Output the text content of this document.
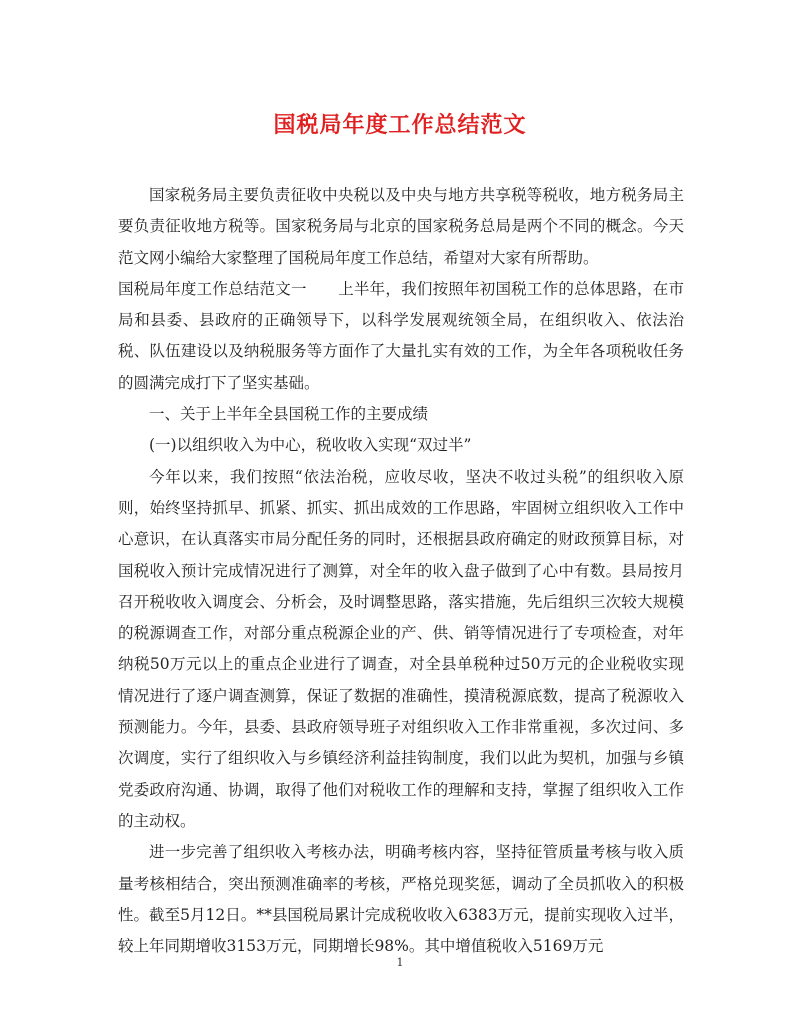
国税局年度工作总结范文

国家税务局主要负责征收中央税以及中央与地方共享税等税收，地方税务局主要负责征收地方税等。国家税务局与北京的国家税务总局是两个不同的概念。今天范文网小编给大家整理了国税局年度工作总结，希望对大家有所帮助。

国税局年度工作总结范文一　　上半年，我们按照年初国税工作的总体思路，在市局和县委、县政府的正确领导下，以科学发展观统领全局，在组织收入、依法治税、队伍建设以及纳税服务等方面作了大量扎实有效的工作，为全年各项税收任务的圆满完成打下了坚实基础。

一、关于上半年全县国税工作的主要成绩

(一)以组织收入为中心，税收收入实现“双过半”

今年以来，我们按照“依法治税，应收尽收，坚决不收过头税”的组织收入原则，始终坚持抓早、抓紧、抓实、抓出成效的工作思路，牢固树立组织收入工作中心意识，在认真落实市局分配任务的同时，还根据县政府确定的财政预算目标，对国税收入预计完成情况进行了测算，对全年的收入盘子做到了心中有数。县局按月召开税收收入调度会、分析会，及时调整思路，落实措施，先后组织三次较大规模的税源调查工作，对部分重点税源企业的产、供、销等情况进行了专项检查，对年纳税50万元以上的重点企业进行了调查，对全县单税种过50万元的企业税收实现情况进行了逐户调查测算，保证了数据的准确性，摸清税源底数，提高了税源收入预测能力。今年，县委、县政府领导班子对组织收入工作非常重视，多次过问、多次调度，实行了组织收入与乡镇经济利益挂钩制度，我们以此为契机，加强与乡镇党委政府沟通、协调，取得了他们对税收工作的理解和支持，掌握了组织收入工作的主动权。

进一步完善了组织收入考核办法，明确考核内容，坚持征管质量考核与收入质量考核相结合，突出预测准确率的考核，严格兑现奖惩，调动了全员抓收入的积极性。截至5月12日。**县国税局累计完成税收收入6383万元，提前实现收入过半，较上年同期增收3153万元，同期增长98%。其中增值税收入5169万元

1
